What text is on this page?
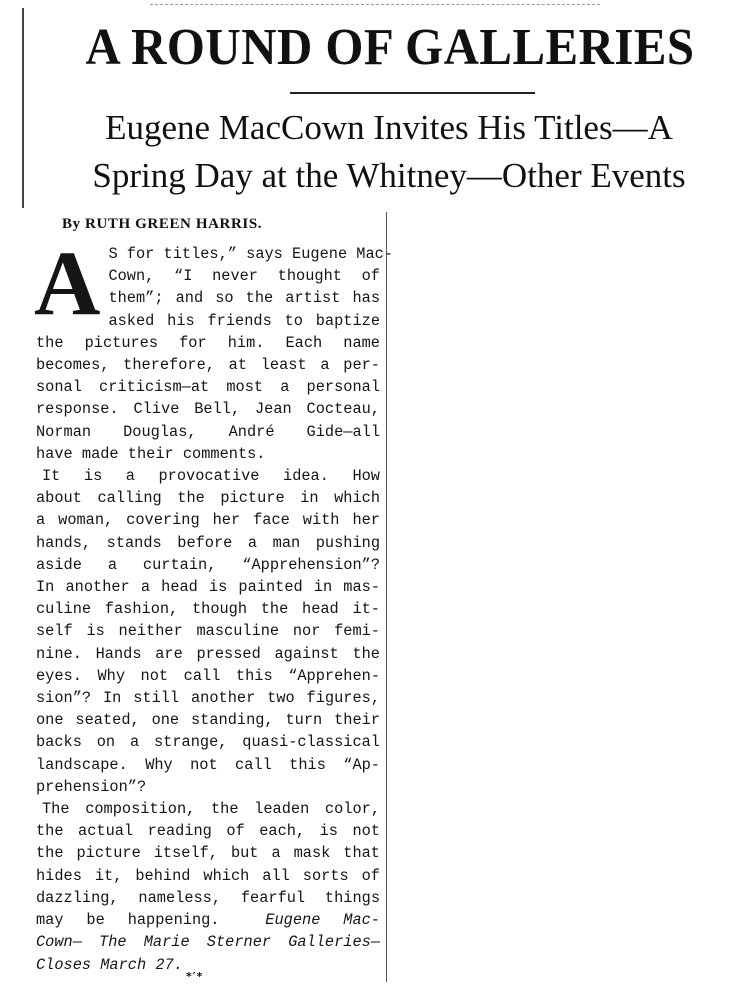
A ROUND OF GALLERIES
Eugene MacCown Invites His Titles—A
Spring Day at the Whitney—Other Events
By RUTH GREEN HARRIS.

A S for titles,” says Eugene Mac-
Cown, “I never thought of
them”; and so the artist has
asked his friends to baptize
the pictures for him. Each name
becomes, therefore, at least a per-
sonal criticism—at most a personal
response. Clive Bell, Jean Cocteau,
Norman Douglas, André Gide—all
have made their comments.

It is a provocative idea. How
about calling the picture in which
a woman, covering her face with her
hands, stands before a man pushing
aside a curtain, “Apprehension”?
In another a head is painted in mas-
culine fashion, though the head it-
self is neither masculine nor femi-
nine. Hands are pressed against the
eyes. Why not call this “Apprehen-
sion”? In still another two figures,
one seated, one standing, turn their
backs on a strange, quasi-classical
landscape. Why not call this “Ap-
prehension”?

The composition, the leaden color,
the actual reading of each, is not
the picture itself, but a mask that
hides it, behind which all sorts of
dazzling, nameless, fearful things
may be happening.	Eugene Mac-
Cown— The Marie Sterner Galleries—
Closes March 27.

*′*
